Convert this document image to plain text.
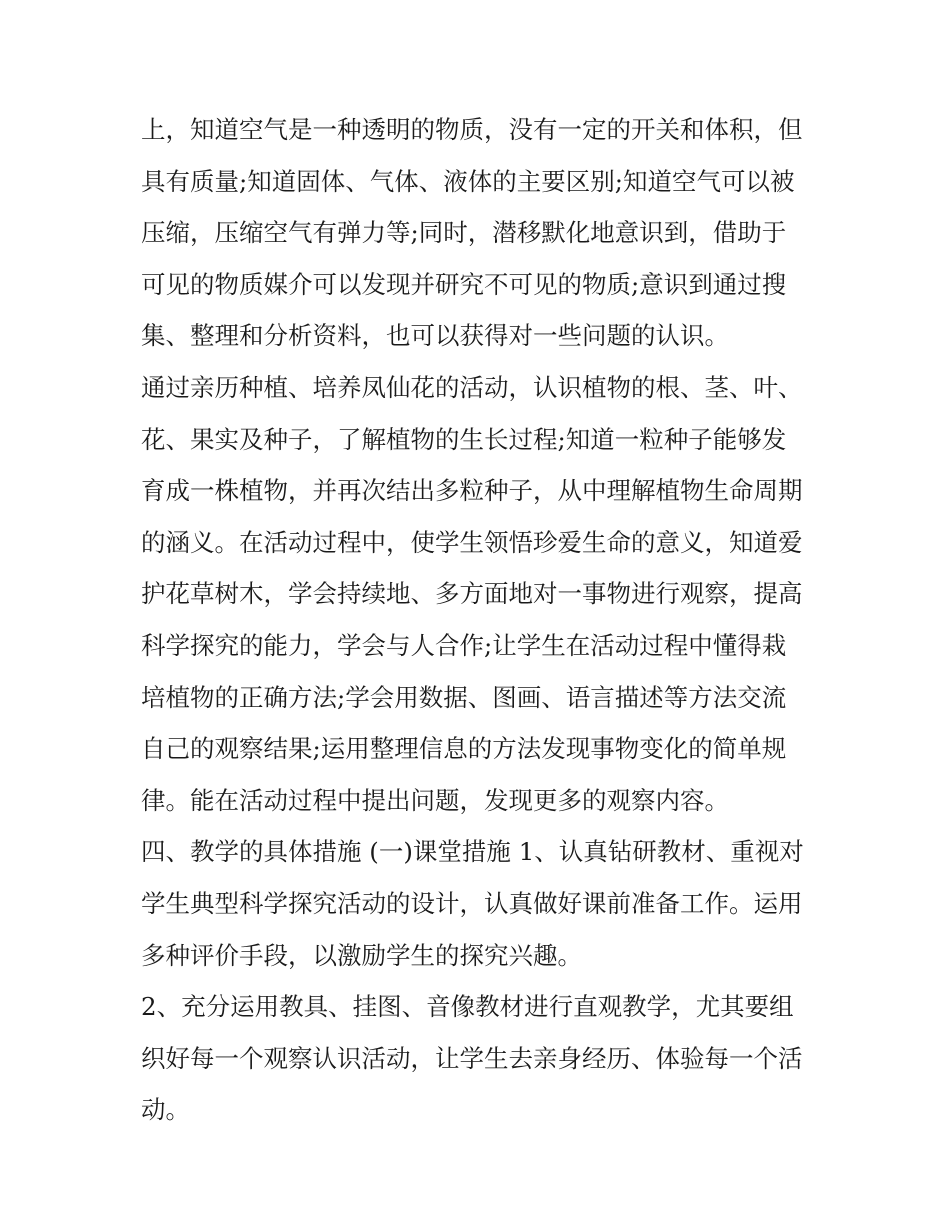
上，知道空气是一种透明的物质，没有一定的开关和体积，但
具有质量;知道固体、气体、液体的主要区别;知道空气可以被
压缩，压缩空气有弹力等;同时，潜移默化地意识到，借助于
可见的物质媒介可以发现并研究不可见的物质;意识到通过搜
集、整理和分析资料，也可以获得对一些问题的认识。
通过亲历种植、培养凤仙花的活动，认识植物的根、茎、叶、
花、果实及种子，了解植物的生长过程;知道一粒种子能够发
育成一株植物，并再次结出多粒种子，从中理解植物生命周期
的涵义。在活动过程中，使学生领悟珍爱生命的意义，知道爱
护花草树木，学会持续地、多方面地对一事物进行观察，提高
科学探究的能力，学会与人合作;让学生在活动过程中懂得栽
培植物的正确方法;学会用数据、图画、语言描述等方法交流
自己的观察结果;运用整理信息的方法发现事物变化的简单规
律。能在活动过程中提出问题，发现更多的观察内容。
四、教学的具体措施 (一)课堂措施 1、认真钻研教材、重视对
学生典型科学探究活动的设计，认真做好课前准备工作。运用
多种评价手段，以激励学生的探究兴趣。
2、充分运用教具、挂图、音像教材进行直观教学，尤其要组
织好每一个观察认识活动，让学生去亲身经历、体验每一个活
动。
